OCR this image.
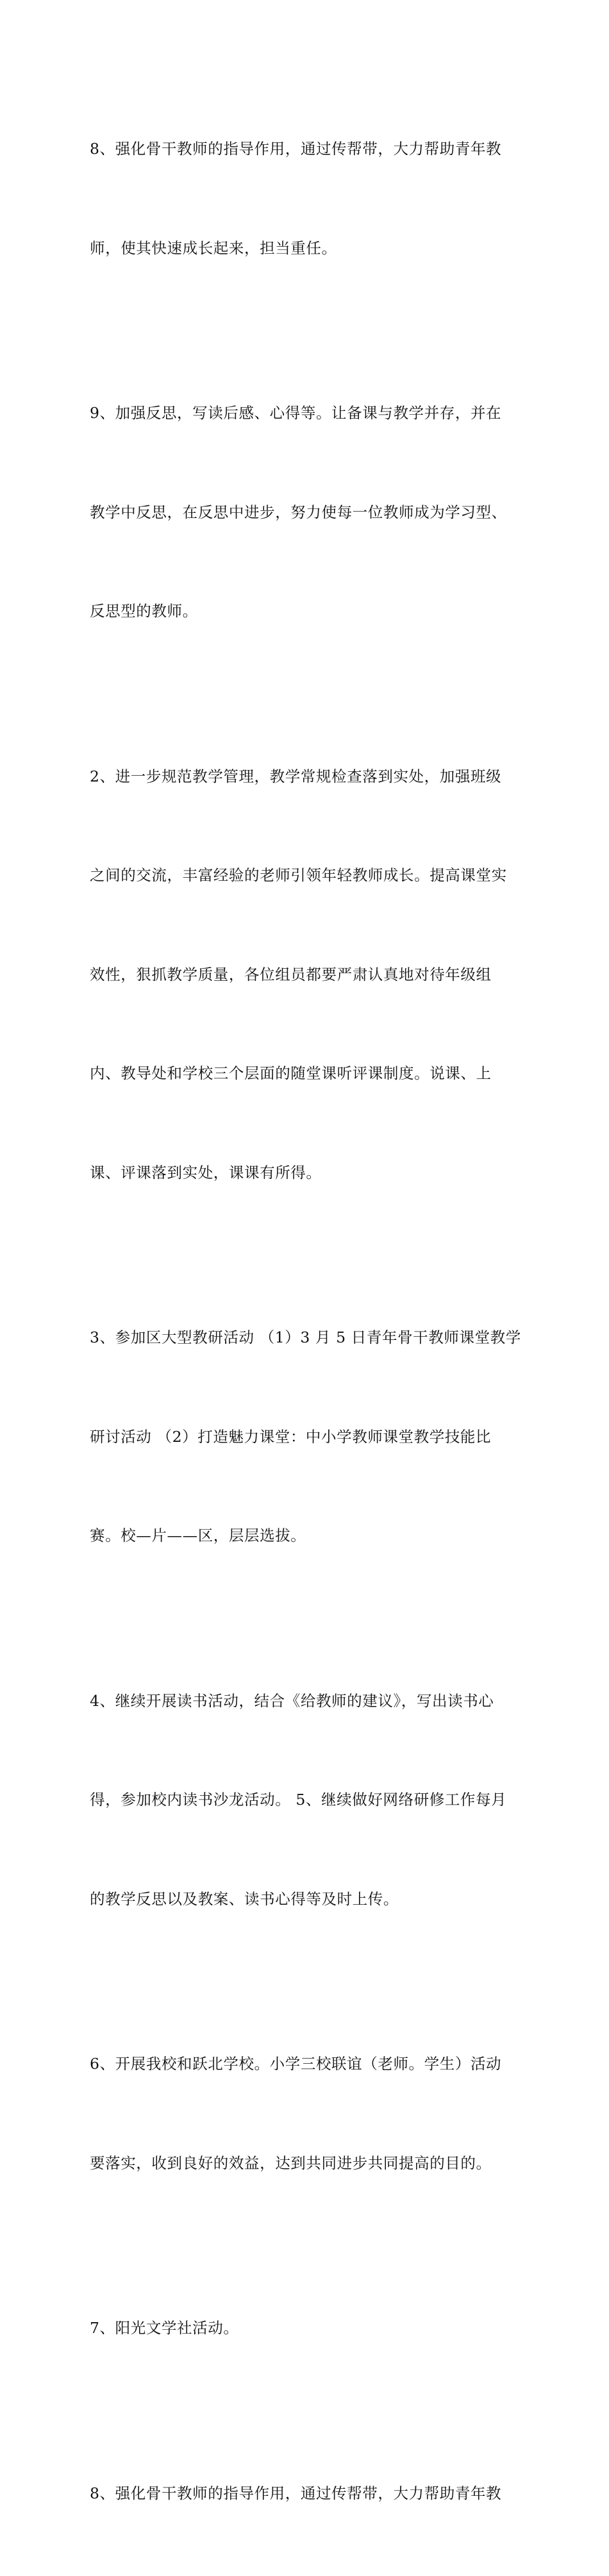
8、强化骨干教师的指导作用，通过传帮带，大力帮助青年教

师，使其快速成长起来，担当重任。

9、加强反思，写读后感、心得等。让备课与教学并存，并在

教学中反思，在反思中进步，努力使每一位教师成为学习型、

反思型的教师。

2、进一步规范教学管理，教学常规检查落到实处，加强班级

之间的交流，丰富经验的老师引领年轻教师成长。提高课堂实

效性，狠抓教学质量，各位组员都要严肃认真地对待年级组

内、教导处和学校三个层面的随堂课听评课制度。说课、上

课、评课落到实处，课课有所得。

3、参加区大型教研活动 （1）3 月 5 日青年骨干教师课堂教学

研讨活动 （2）打造魅力课堂：中小学教师课堂教学技能比

赛。校—片——区，层层选拔。

4、继续开展读书活动，结合《给教师的建议》，写出读书心

得，参加校内读书沙龙活动。 5、继续做好网络研修工作每月

的教学反思以及教案、读书心得等及时上传。

6、开展我校和跃北学校。小学三校联谊（老师。学生）活动

要落实，收到良好的效益，达到共同进步共同提高的目的。

7、阳光文学社活动。

8、强化骨干教师的指导作用，通过传帮带，大力帮助青年教
